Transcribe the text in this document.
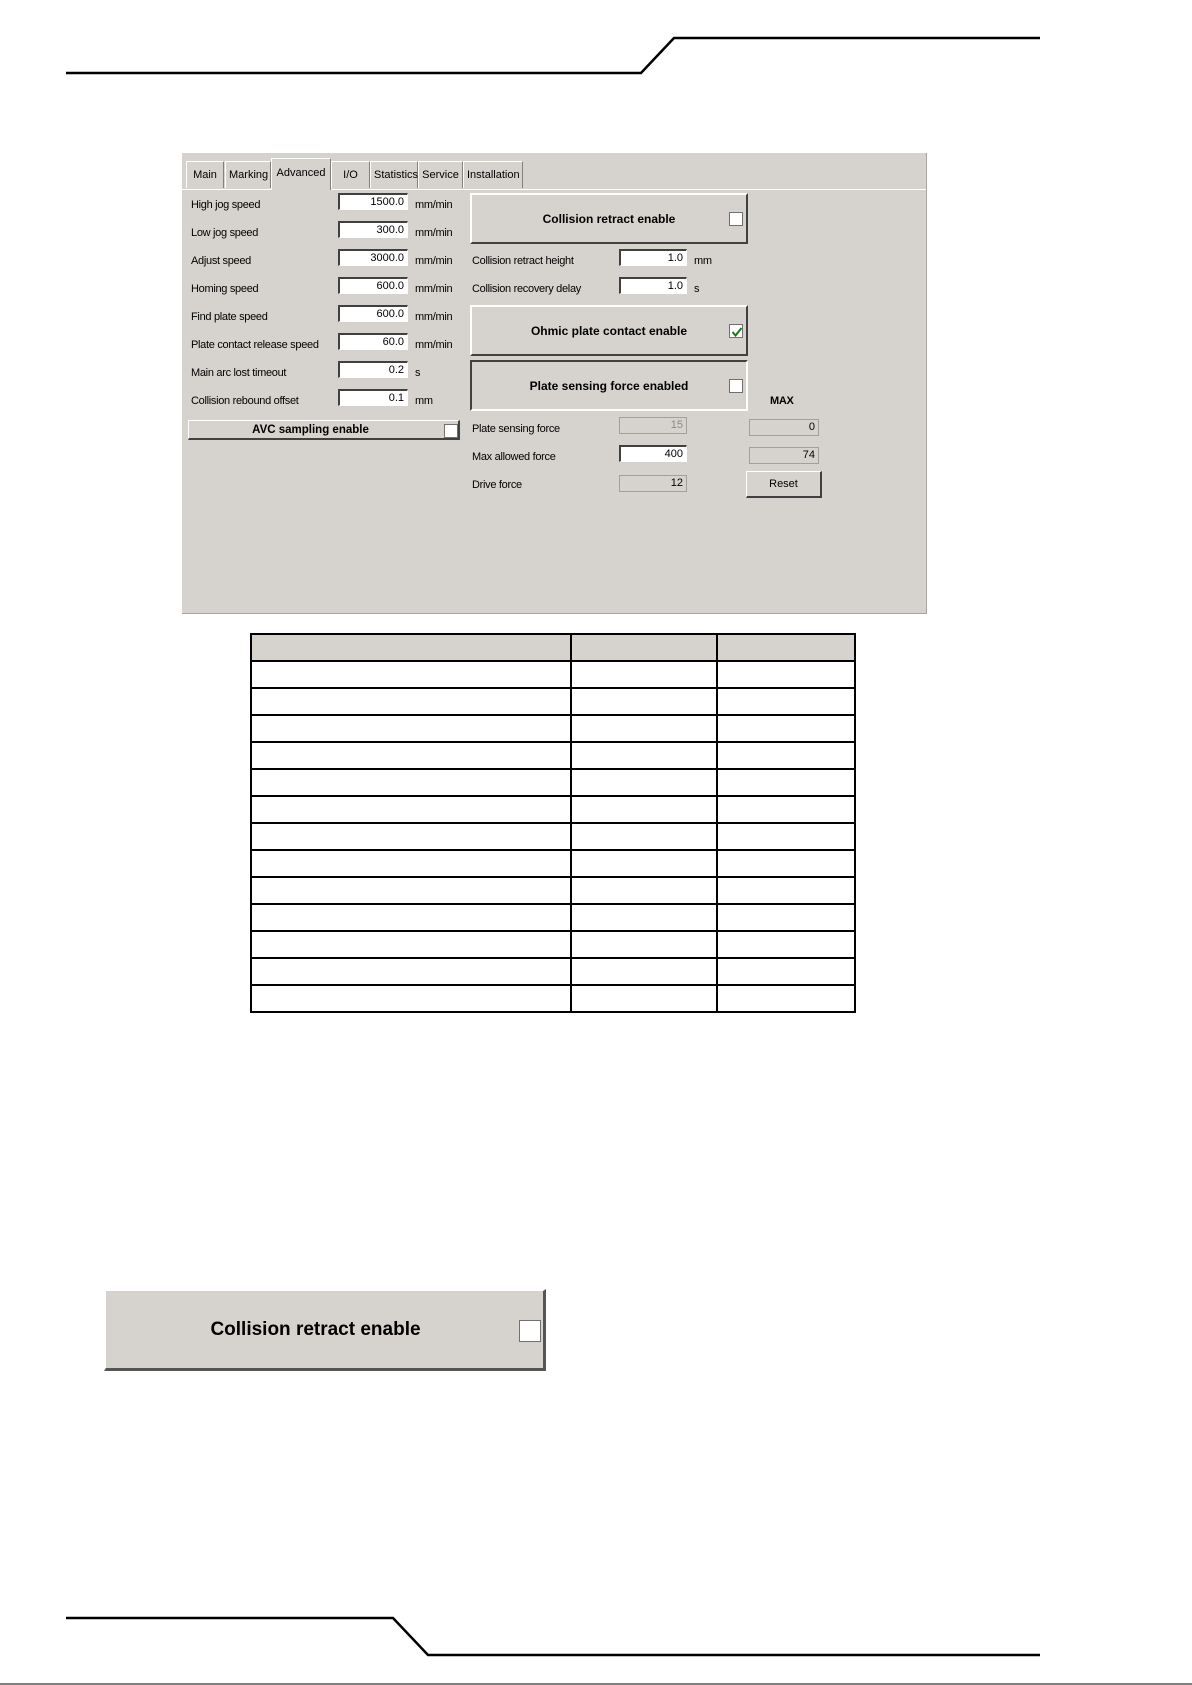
Main	Marking Advanced	I/O	Statistics Service Installation
High jog speed	1500.0	mm/min
Low jog speed	300.0	mm/min
Adjust speed	3000.0	mm/min
Homing speed	600.0	mm/min
Find plate speed	600.0	mm/min
Plate contact release speed	60.0	mm/min
Main arc lost timeout	0.2	s
Collision rebound offset	0.1	mm
AVC sampling enable
Collision retract enable
Collision retract height	1.0	mm
Collision recovery delay	1.0	s
Ohmic plate contact enable
Plate sensing force enabled
MAX
Plate sensing force	15	0
Max allowed force	400	74
Drive force	12	Reset

Collision retract enable
